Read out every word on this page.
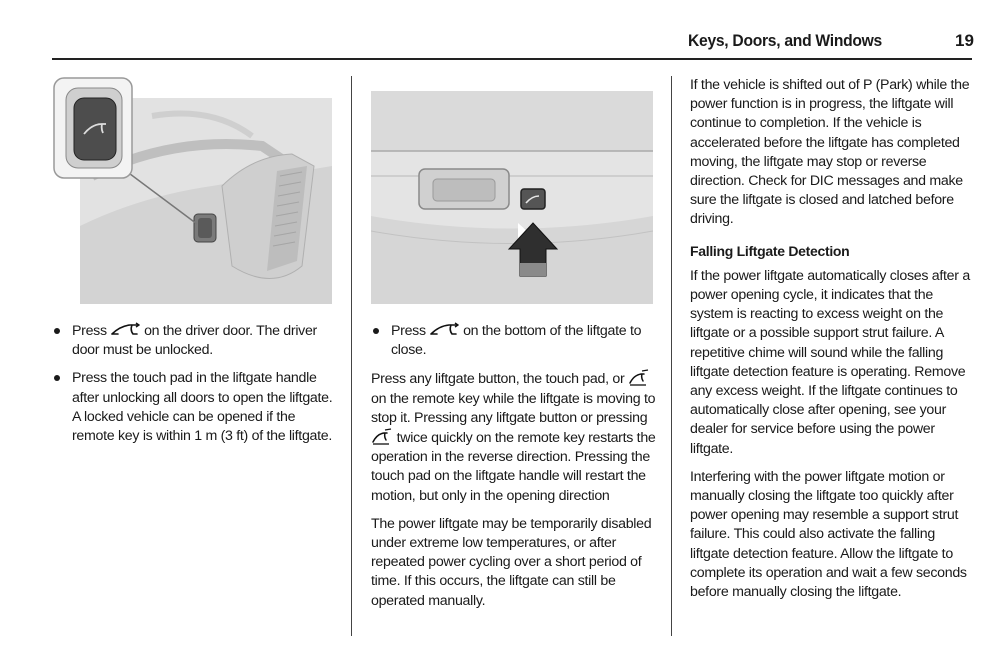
Keys, Doors, and Windows	19
Press	on the driver door. The driver door must be unlocked.
Press the touch pad in the liftgate handle after unlocking all doors to open the liftgate. A locked vehicle can be opened if the remote key is within 1 m (3 ft) of the liftgate.
Press	on the bottom of the liftgate to close.

Press any liftgate button, the touch pad, or  on the remote key while the liftgate is moving to stop it. Pressing any liftgate button or pressing  twice quickly on the remote key restarts the operation in the reverse direction. Pressing the touch pad on the liftgate handle will restart the motion, but only in the opening direction

The power liftgate may be temporarily disabled under extreme low temperatures, or after repeated power cycling over a short period of time. If this occurs, the liftgate can still be operated manually.

If the vehicle is shifted out of P (Park) while the power function is in progress, the liftgate will continue to completion. If the vehicle is accelerated before the liftgate has completed moving, the liftgate may stop or reverse direction. Check for DIC messages and make sure the liftgate is closed and latched before driving.

Falling Liftgate Detection

If the power liftgate automatically closes after a power opening cycle, it indicates that the system is reacting to excess weight on the liftgate or a possible support strut failure. A repetitive chime will sound while the falling liftgate detection feature is operating. Remove any excess weight. If the liftgate continues to automatically close after opening, see your dealer for service before using the power liftgate.

Interfering with the power liftgate motion or manually closing the liftgate too quickly after power opening may resemble a support strut failure. This could also activate the falling liftgate detection feature. Allow the liftgate to complete its operation and wait a few seconds before manually closing the liftgate.
